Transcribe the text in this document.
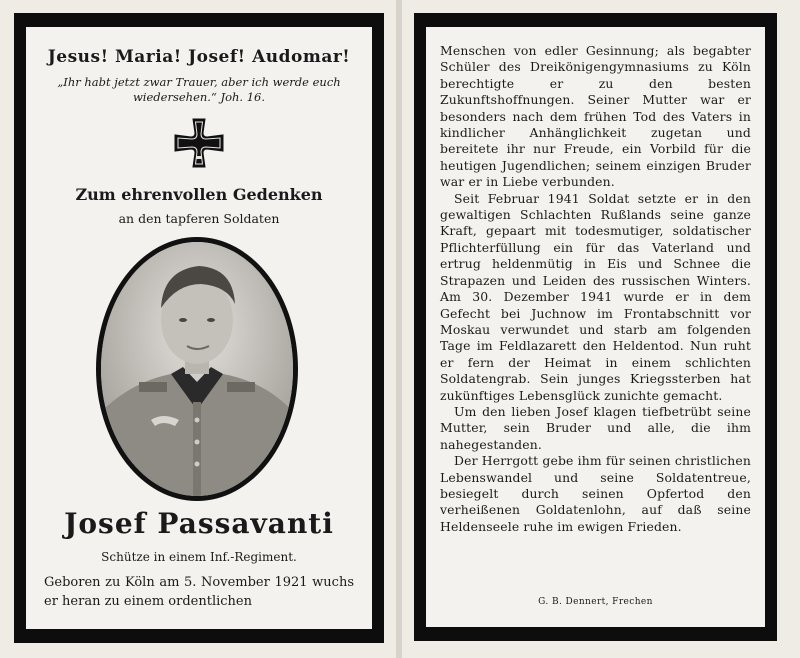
Jesus! Maria! Josef! Audomar!
„Ihr habt jetzt zwar Trauer, aber ich werde euch wiedersehen.“ Joh. 16.
Zum ehrenvollen Gedenken
an den tapferen Soldaten
Josef Passavanti
Schütze in einem Inf.-Regiment.
Geboren zu Köln am 5. November 1921 wuchs er heran zu einem ordentlichen

Menschen von edler Gesinnung; als begabter Schüler des Dreikönigengymnasiums zu Köln berechtigte er zu den besten Zukunftshoffnungen. Seiner Mutter war er besonders nach dem frühen Tod des Vaters in kindlicher Anhänglichkeit zugetan und bereitete ihr nur Freude, ein Vorbild für die heutigen Jugendlichen; seinem einzigen Bruder war er in Liebe verbunden.

Seit Februar 1941 Soldat setzte er in den gewaltigen Schlachten Rußlands seine ganze Kraft, gepaart mit todesmutiger, soldatischer Pflichterfüllung ein für das Vaterland und ertrug heldenmütig in Eis und Schnee die Strapazen und Leiden des russischen Winters. Am 30. Dezember 1941 wurde er in dem Gefecht bei Juchnow im Frontabschnitt vor Moskau verwundet und starb am folgenden Tage im Feldlazarett den Heldentod. Nun ruht er fern der Heimat in einem schlichten Soldatengrab. Sein junges Kriegssterben hat zukünftiges Lebensglück zunichte gemacht.

Um den lieben Josef klagen tiefbetrübt seine Mutter, sein Bruder und alle, die ihm nahegestanden.

Der Herrgott gebe ihm für seinen christlichen Lebenswandel und seine Soldatentreue, besiegelt durch seinen Opfertod den verheißenen Goldatenlohn, auf daß seine Heldenseele ruhe im ewigen Frieden.

G. B. Dennert, Frechen
